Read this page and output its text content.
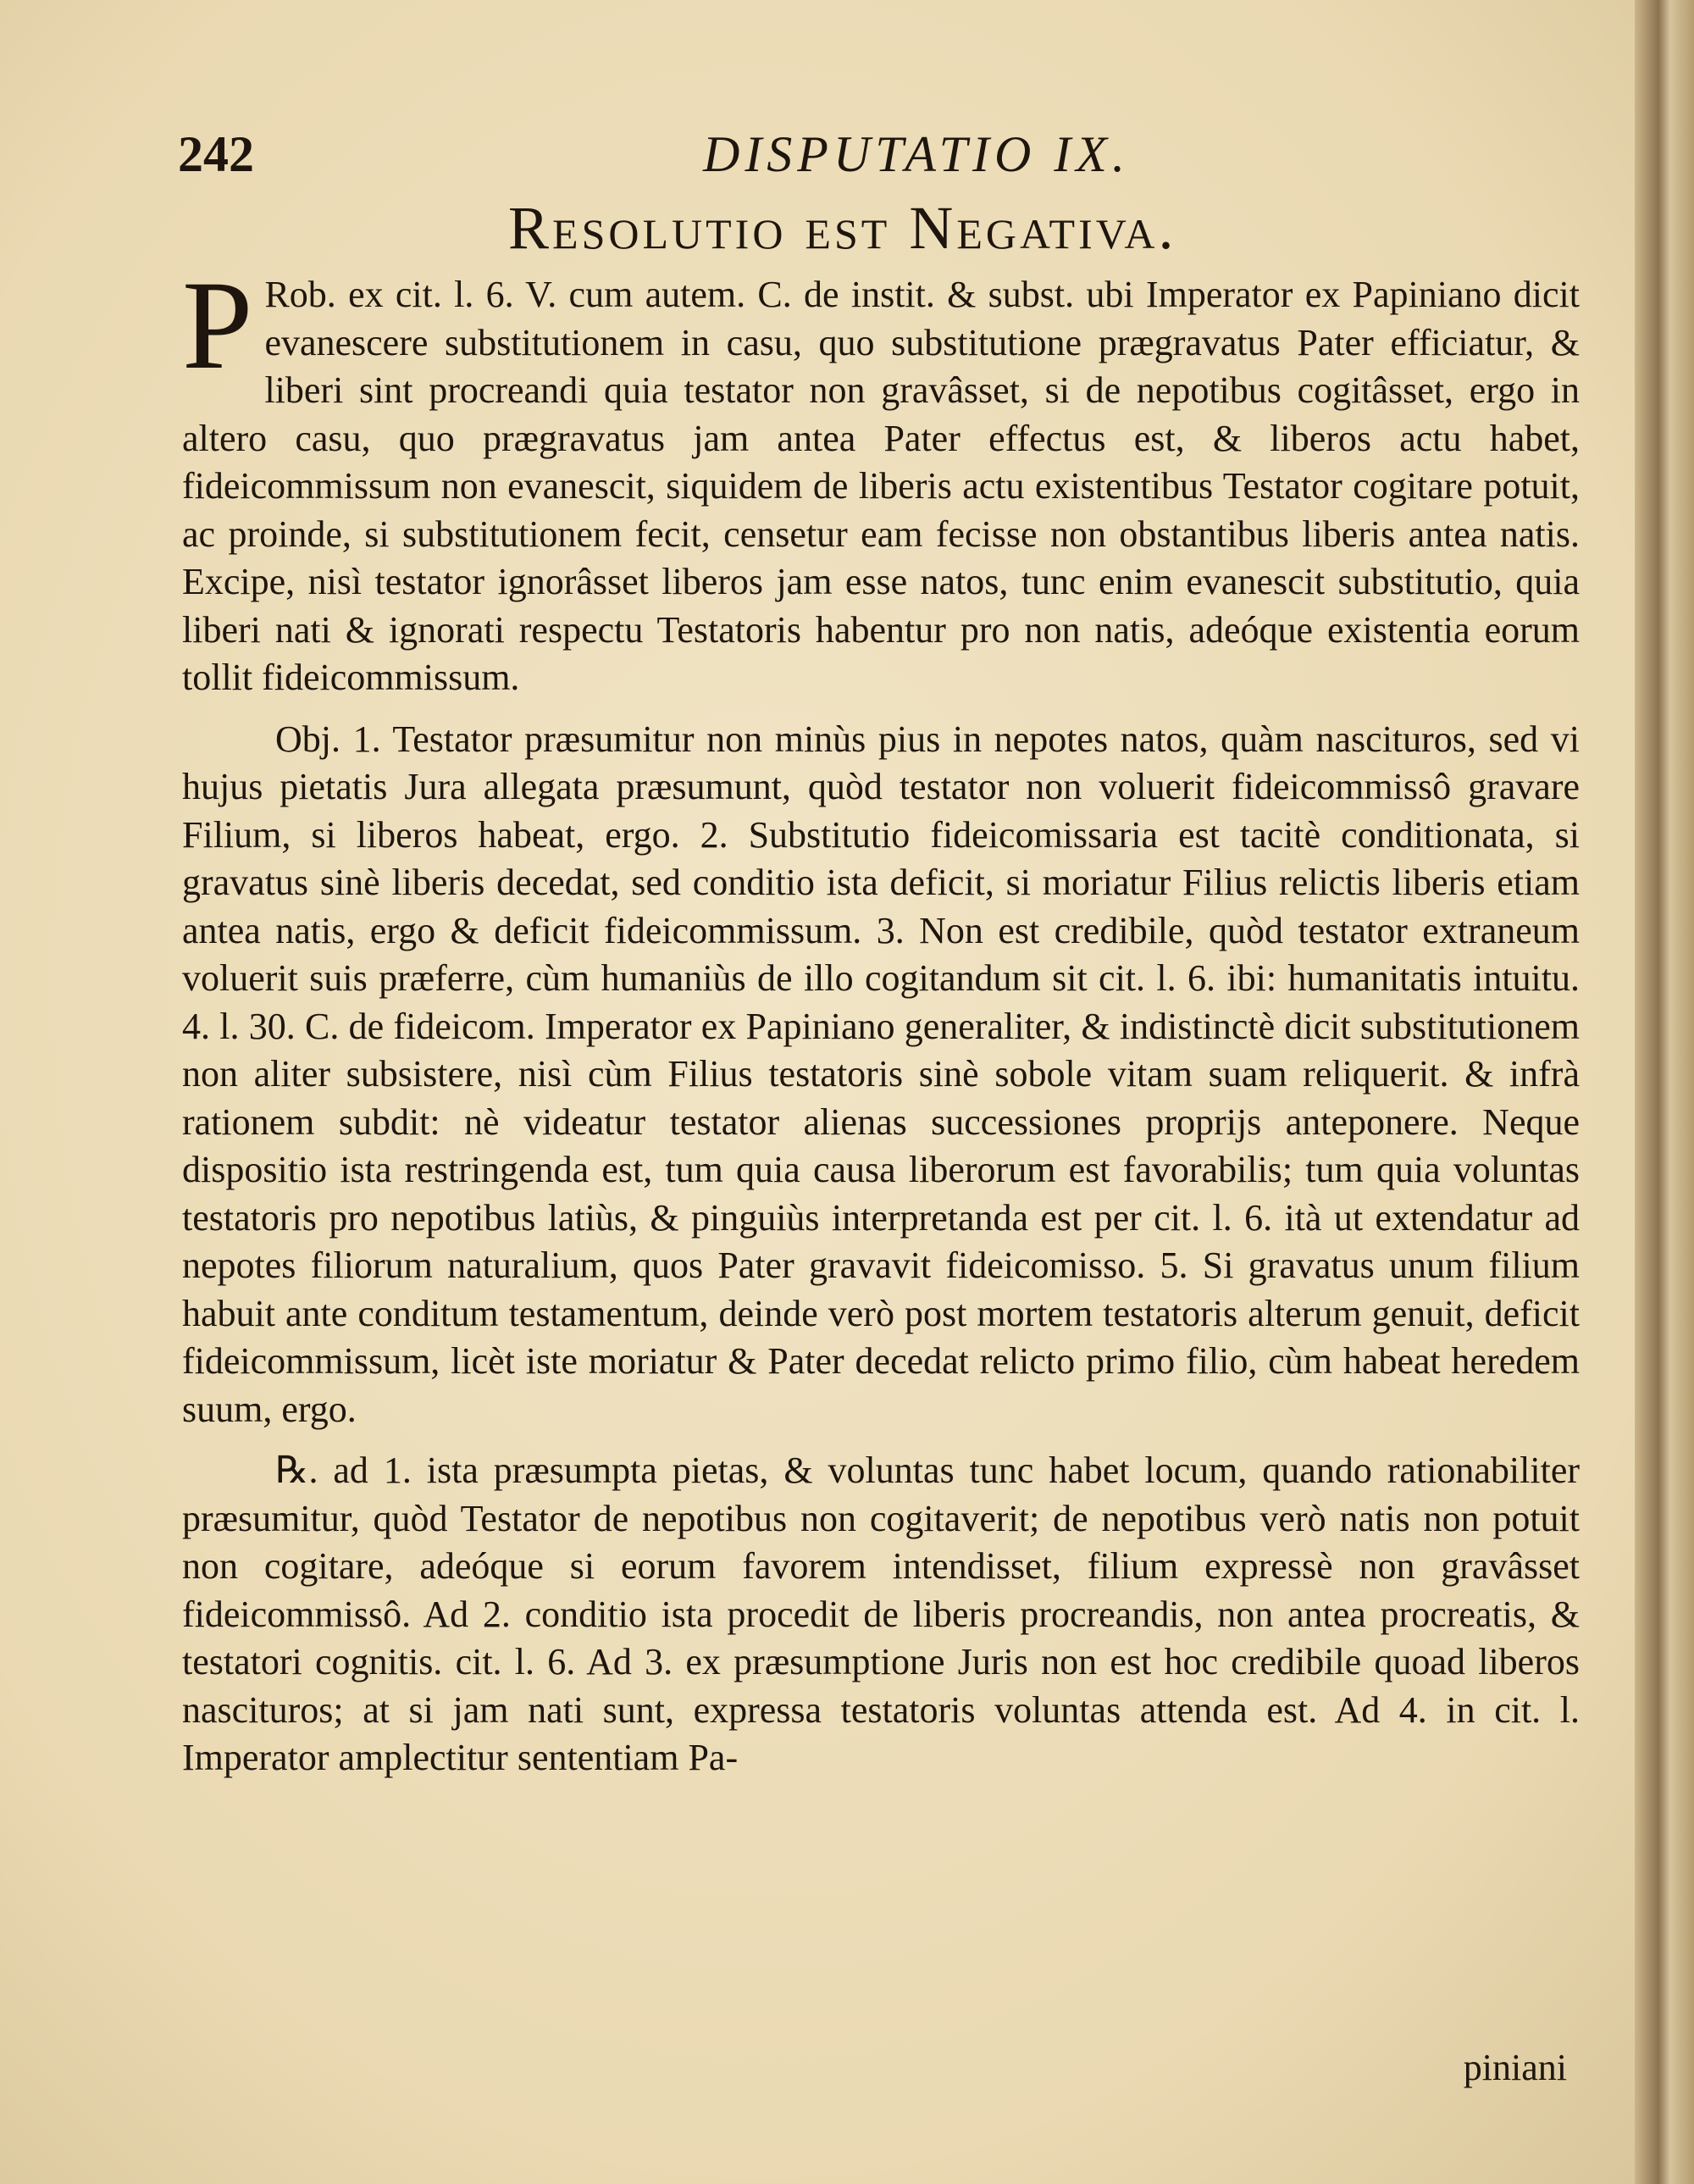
242	DISPUTATIO IX.
Resolutio est Negativa.

P Rob. ex cit. l. 6. V. cum autem. C. de instit. & subst. ubi Imperator ex Papiniano dicit evanescere substitutionem in casu, quo substitutione prægravatus Pater efficiatur, & liberi sint procreandi quia testator non gravâsset, si de nepotibus cogitâsset, ergo in altero casu, quo prægravatus jam antea Pater effectus est, & liberos actu habet, fideicommissum non evanescit, siquidem de liberis actu existentibus Testator cogitare potuit, ac proinde, si substitutionem fecit, censetur eam fecisse non obstantibus liberis antea natis. Excipe, nisì testator ignorâsset liberos jam esse natos, tunc enim evanescit substitutio, quia liberi nati & ignorati respectu Testatoris habentur pro non natis, adeóque existentia eorum tollit fideicommissum.

Obj. 1. Testator præsumitur non minùs pius in nepotes natos, quàm nascituros, sed vi hujus pietatis Jura allegata præsumunt, quòd testator non voluerit fideicommissô gravare Filium, si liberos habeat, ergo. 2. Substitutio fideicomissaria est tacitè conditionata, si gravatus sinè liberis decedat, sed conditio ista deficit, si moriatur Filius relictis liberis etiam antea natis, ergo & deficit fideicommissum. 3. Non est credibile, quòd testator extraneum voluerit suis præferre, cùm humaniùs de illo cogitandum sit cit. l. 6. ibi: humanitatis intuitu. 4. l. 30. C. de fideicom. Imperator ex Papiniano generaliter, & indistinctè dicit substitutionem non aliter subsistere, nisì cùm Filius testatoris sinè sobole vitam suam reliquerit. & infrà rationem subdit: nè videatur testator alienas successiones proprijs anteponere. Neque dispositio ista restringenda est, tum quia causa liberorum est favorabilis; tum quia voluntas testatoris pro nepotibus latiùs, & pinguiùs interpretanda est per cit. l. 6. ità ut extendatur ad nepotes filiorum naturalium, quos Pater gravavit fideicomisso. 5. Si gravatus unum filium habuit ante conditum testamentum, deinde verò post mortem testatoris alterum genuit, deficit fideicommissum, licèt iste moriatur & Pater decedat relicto primo filio, cùm habeat heredem suum, ergo.

℞. ad 1. ista præsumpta pietas, & voluntas tunc habet locum, quando rationabiliter præsumitur, quòd Testator de nepotibus non cogitaverit; de nepotibus verò natis non potuit non cogitare, adeóque si eorum favorem intendisset, filium expressè non gravâsset fideicommissô. Ad 2. conditio ista procedit de liberis procreandis, non antea procreatis, & testatori cognitis. cit. l. 6. Ad 3. ex præsumptione Juris non est hoc credibile quoad liberos nascituros; at si jam nati sunt, expressa testatoris voluntas attenda est. Ad 4. in cit. l. Imperator amplectitur sententiam Pa-

piniani
